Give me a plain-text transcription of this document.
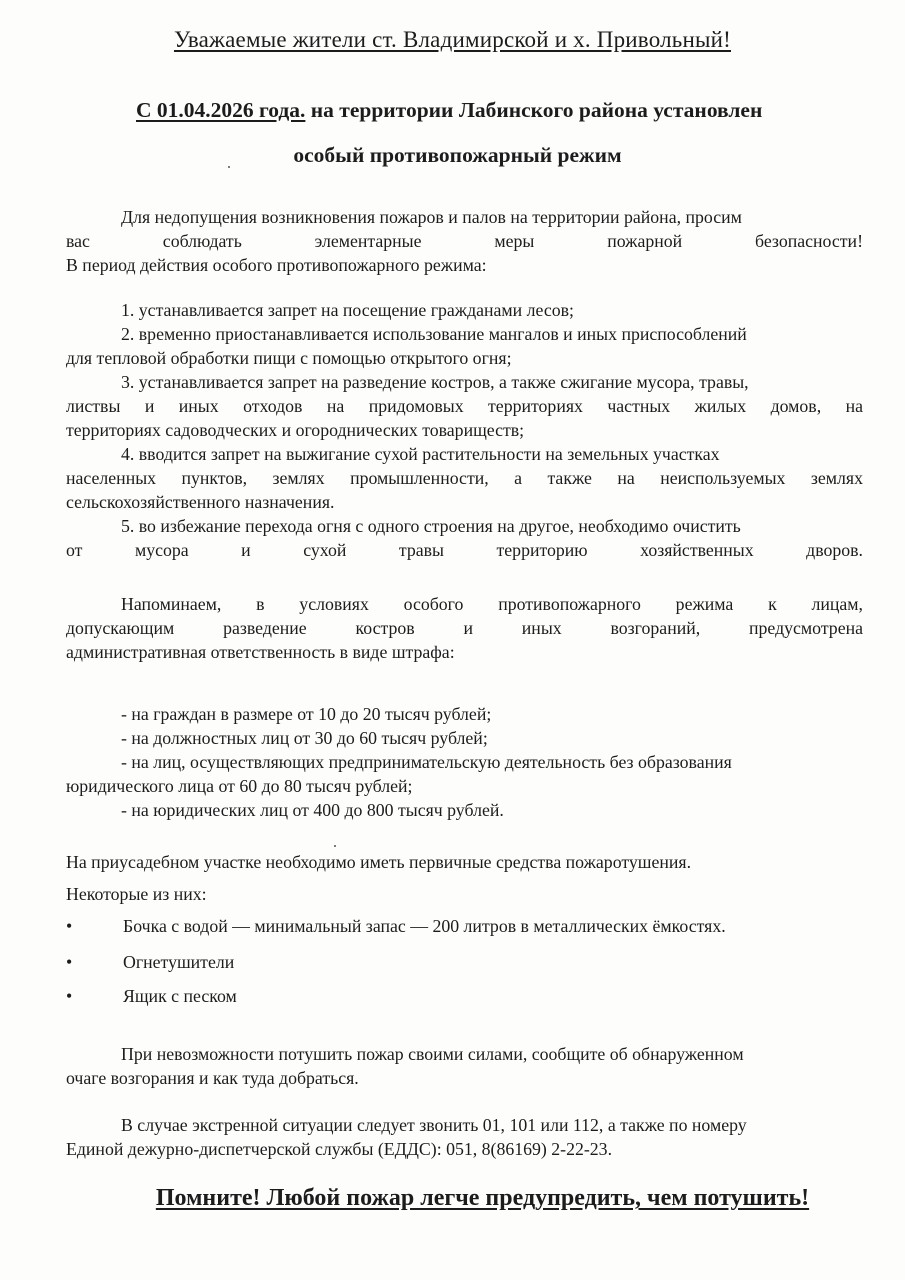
Уважаемые жители ст. Владимирской и х. Привольный!

С 01.04.2026 года. на территории Лабинского района установлен

особый противопожарный режим

Для недопущения возникновения пожаров и палов на территории района, просим
вас соблюдать элементарные меры пожарной безопасности!
В период действия особого противопожарного режима:
1. устанавливается запрет на посещение гражданами лесов;
2. временно приостанавливается использование мангалов и иных приспособлений
для тепловой обработки пищи с помощью открытого огня;
3. устанавливается запрет на разведение костров, а также сжигание мусора, травы,
листвы и иных отходов на придомовых территориях частных жилых домов, на
территориях садоводческих и огороднических товариществ;
4. вводится запрет на выжигание сухой растительности на земельных участках
населенных пунктов, землях промышленности, а также на неиспользуемых землях
сельскохозяйственного назначения.
5. во избежание перехода огня с одного строения на другое, необходимо очистить
от мусора и сухой травы территорию хозяйственных дворов.
Напоминаем, в условиях особого противопожарного режима к лицам,
допускающим разведение костров и иных возгораний, предусмотрена
административная ответственность в виде штрафа:
- на граждан в размере от 10 до 20 тысяч рублей;
- на должностных лиц от 30 до 60 тысяч рублей;
- на лиц, осуществляющих предпринимательскую деятельность без образования
юридического лица от 60 до 80 тысяч рублей;
- на юридических лиц от 400 до 800 тысяч рублей.

На приусадебном участке необходимо иметь первичные средства пожаротушения.

Некоторые из них:

•	Бочка с водой — минимальный запас — 200 литров в металлических ёмкостях.
•	Огнетушители
•	Ящик с песком
При невозможности потушить пожар своими силами, сообщите об обнаруженном
очаге возгорания и как туда добраться.
В случае экстренной ситуации следует звонить 01, 101 или 112, а также по номеру
Единой дежурно-диспетчерской службы (ЕДДС): 051, 8(86169) 2-22-23.

Помните! Любой пожар легче предупредить, чем потушить!
